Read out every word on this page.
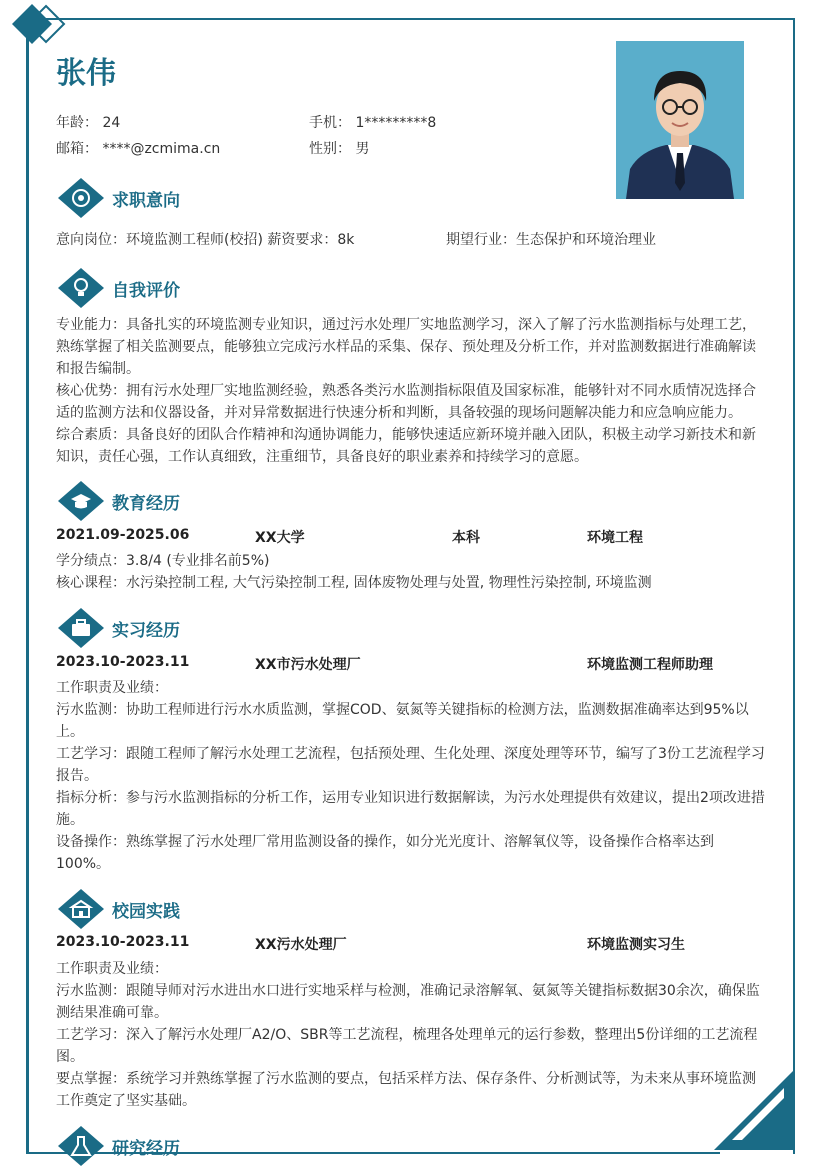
张伟
年龄： 24	手机： 1*********8
邮箱： ****@zcmima.cn	性别： 男
求职意向
意向岗位：环境监测工程师(校招) 薪资要求：8k	期望行业：生态保护和环境治理业
自我评价

专业能力：具备扎实的环境监测专业知识，通过污水处理厂实地监测学习，深入了解了污水监测指标与处理工艺，熟练掌握了相关监测要点，能够独立完成污水样品的采集、保存、预处理及分析工作，并对监测数据进行准确解读和报告编制。

核心优势：拥有污水处理厂实地监测经验，熟悉各类污水监测指标限值及国家标准，能够针对不同水质情况选择合适的监测方法和仪器设备，并对异常数据进行快速分析和判断，具备较强的现场问题解决能力和应急响应能力。

综合素质：具备良好的团队合作精神和沟通协调能力，能够快速适应新环境并融入团队，积极主动学习新技术和新知识，责任心强，工作认真细致，注重细节，具备良好的职业素养和持续学习的意愿。

教育经历
2021.09-2025.06	XX大学	本科	环境工程

学分绩点：3.8/4 (专业排名前5%)

核心课程：水污染控制工程, 大气污染控制工程, 固体废物处理与处置, 物理性污染控制, 环境监测

实习经历
2023.10-2023.11	XX市污水处理厂	环境监测工程师助理

工作职责及业绩：

污水监测：协助工程师进行污水水质监测，掌握COD、氨氮等关键指标的检测方法，监测数据准确率达到95%以上。

工艺学习：跟随工程师了解污水处理工艺流程，包括预处理、生化处理、深度处理等环节，编写了3份工艺流程学习报告。

指标分析：参与污水监测指标的分析工作，运用专业知识进行数据解读，为污水处理提供有效建议，提出2项改进措施。

设备操作：熟练掌握了污水处理厂常用监测设备的操作，如分光光度计、溶解氧仪等，设备操作合格率达到100%。

校园实践
2023.10-2023.11	XX污水处理厂	环境监测实习生

工作职责及业绩：

污水监测：跟随导师对污水进出水口进行实地采样与检测，准确记录溶解氧、氨氮等关键指标数据30余次，确保监测结果准确可靠。

工艺学习：深入了解污水处理厂A2/O、SBR等工艺流程，梳理各处理单元的运行参数，整理出5份详细的工艺流程图。

要点掌握：系统学习并熟练掌握了污水监测的要点，包括采样方法、保存条件、分析测试等，为未来从事环境监测工作奠定了坚实基础。

研究经历
